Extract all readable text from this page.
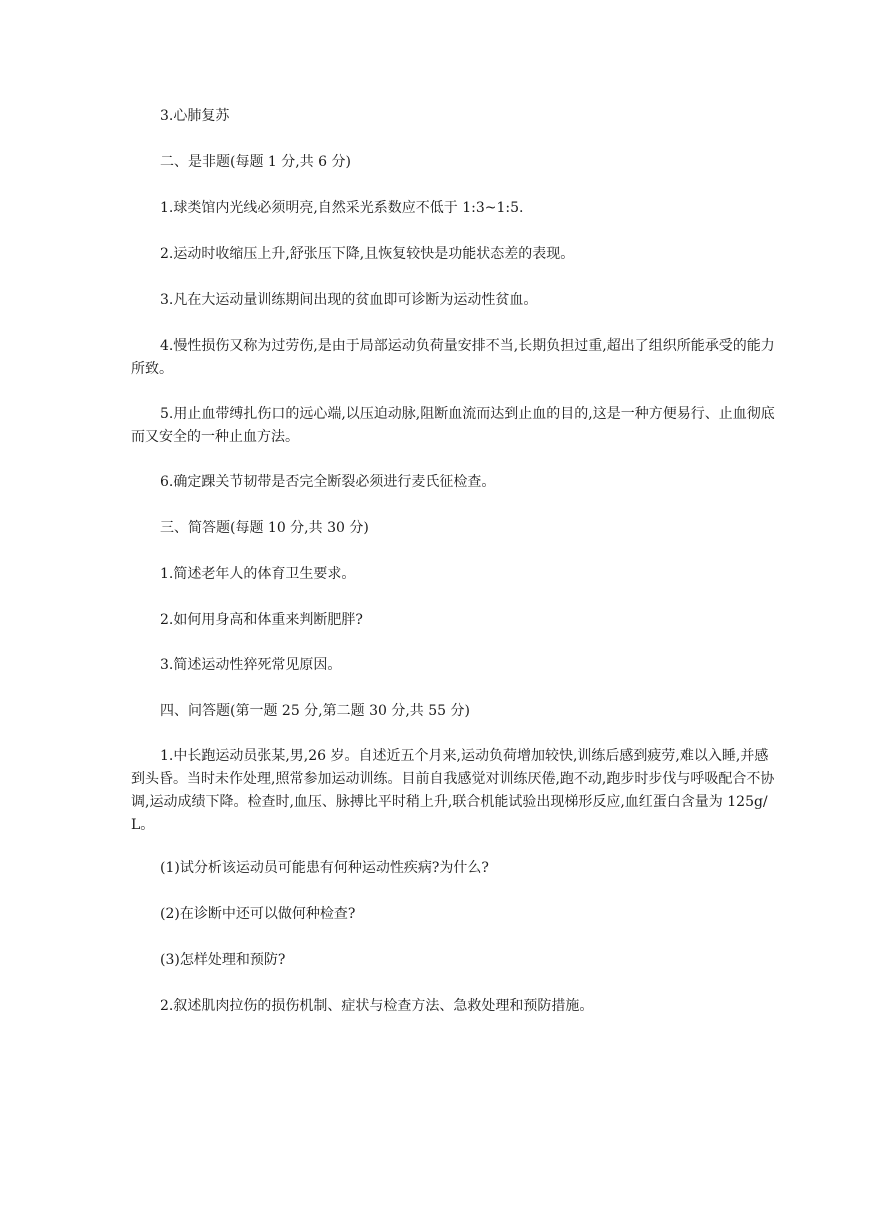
3.心肺复苏

二、是非题(每题 1 分,共 6 分)

1.球类馆内光线必须明亮,自然采光系数应不低于 1:3~1:5.

2.运动时收缩压上升,舒张压下降,且恢复较快是功能状态差的表现。

3.凡在大运动量训练期间出现的贫血即可诊断为运动性贫血。

4.慢性损伤又称为过劳伤,是由于局部运动负荷量安排不当,长期负担过重,超出了组织所能承受的能力所致。

5.用止血带缚扎伤口的远心端,以压迫动脉,阻断血流而达到止血的目的,这是一种方便易行、止血彻底而又安全的一种止血方法。

6.确定踝关节韧带是否完全断裂必须进行麦氏征检查。

三、简答题(每题 10 分,共 30 分)

1.简述老年人的体育卫生要求。

2.如何用身高和体重来判断肥胖?

3.简述运动性猝死常见原因。

四、问答题(第一题 25 分,第二题 30 分,共 55 分)

1.中长跑运动员张某,男,26 岁。自述近五个月来,运动负荷增加较快,训练后感到疲劳,难以入睡,并感到头昏。当时未作处理,照常参加运动训练。目前自我感觉对训练厌倦,跑不动,跑步时步伐与呼吸配合不协调,运动成绩下降。检查时,血压、脉搏比平时稍上升,联合机能试验出现梯形反应,血红蛋白含量为 125g/L。

(1)试分析该运动员可能患有何种运动性疾病?为什么?

(2)在诊断中还可以做何种检查?

(3)怎样处理和预防?

2.叙述肌肉拉伤的损伤机制、症状与检查方法、急救处理和预防措施。
